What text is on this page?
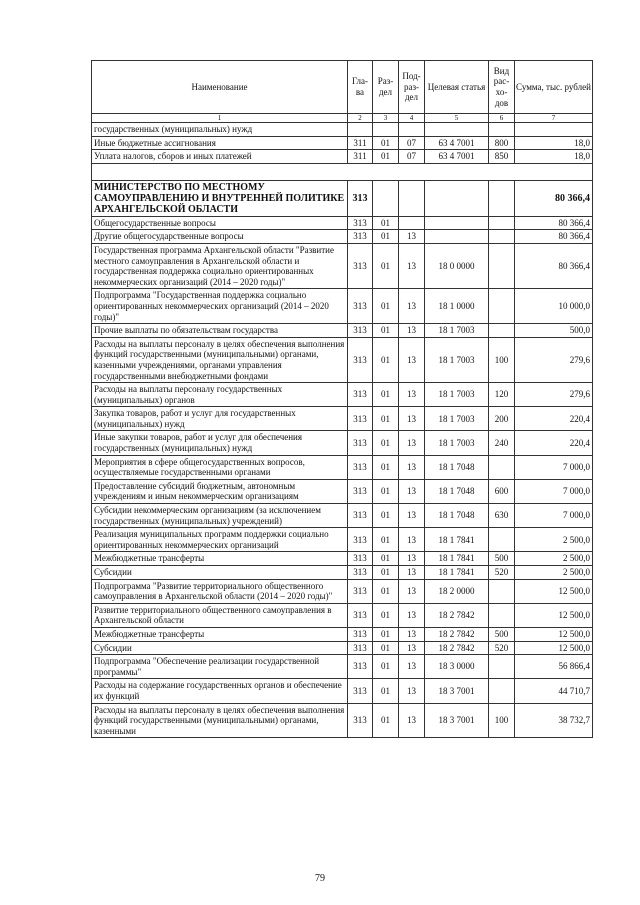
Наименование	Гла-ва	Раз-дел	Под-раз-дел	Целевая статья	Вид рас-хо-дов	Сумма, тыс. рублей
1	2	3	4	5	6	7
государственных (муниципальных) нужд						
Иные бюджетные ассигнования	311	01	07	63 4 7001	800	18,0
Уплата налогов, сборов и иных платежей	311	01	07	63 4 7001	850	18,0

МИНИСТЕРСТВО ПО МЕСТНОМУ САМОУПРАВЛЕНИЮ И ВНУТРЕННЕЙ ПОЛИТИКЕ АРХАНГЕЛЬСКОЙ ОБЛАСТИ	313					80 366,4
Общегосударственные вопросы	313	01				80 366,4
Другие общегосударственные вопросы	313	01	13			80 366,4
Государственная программа Архангельской области "Развитие местного самоуправления в Архангельской области и государственная поддержка социально ориентированных некоммерческих организаций (2014 – 2020 годы)"	313	01	13	18 0 0000		80 366,4
Подпрограмма "Государственная поддержка социально ориентированных некоммерческих организаций (2014 – 2020 годы)"	313	01	13	18 1 0000		10 000,0
Прочие выплаты по обязательствам государства	313	01	13	18 1 7003		500,0
Расходы на выплаты персоналу в целях обеспечения выполнения функций государственными (муниципальными) органами, казенными учреждениями, органами управления государственными внебюджетными фондами	313	01	13	18 1 7003	100	279,6
Расходы на выплаты персоналу государственных (муниципальных) органов	313	01	13	18 1 7003	120	279,6
Закупка товаров, работ и услуг для государственных (муниципальных) нужд	313	01	13	18 1 7003	200	220,4
Иные закупки товаров, работ и услуг для обеспечения государственных (муниципальных) нужд	313	01	13	18 1 7003	240	220,4
Мероприятия в сфере общегосударственных вопросов, осуществляемые государственными органами	313	01	13	18 1 7048		7 000,0
Предоставление субсидий бюджетным, автономным учреждениям и иным некоммерческим организациям	313	01	13	18 1 7048	600	7 000,0
Субсидии некоммерческим организациям (за исключением государственных (муниципальных) учреждений)	313	01	13	18 1 7048	630	7 000,0
Реализация муниципальных программ поддержки социально ориентированных некоммерческих организаций	313	01	13	18 1 7841		2 500,0
Межбюджетные трансферты	313	01	13	18 1 7841	500	2 500,0
Субсидии	313	01	13	18 1 7841	520	2 500,0
Подпрограмма "Развитие территориального общественного самоуправления в Архангельской области (2014 – 2020 годы)"	313	01	13	18 2 0000		12 500,0
Развитие территориального общественного самоуправления в Архангельской области	313	01	13	18 2 7842		12 500,0
Межбюджетные трансферты	313	01	13	18 2 7842	500	12 500,0
Субсидии	313	01	13	18 2 7842	520	12 500,0
Подпрограмма "Обеспечение реализации государственной программы"	313	01	13	18 3 0000		56 866,4
Расходы на содержание государственных органов и обеспечение их функций	313	01	13	18 3 7001		44 710,7
Расходы на выплаты персоналу в целях обеспечения выполнения функций государственными (муниципальными) органами, казенными	313	01	13	18 3 7001	100	38 732,7
79
